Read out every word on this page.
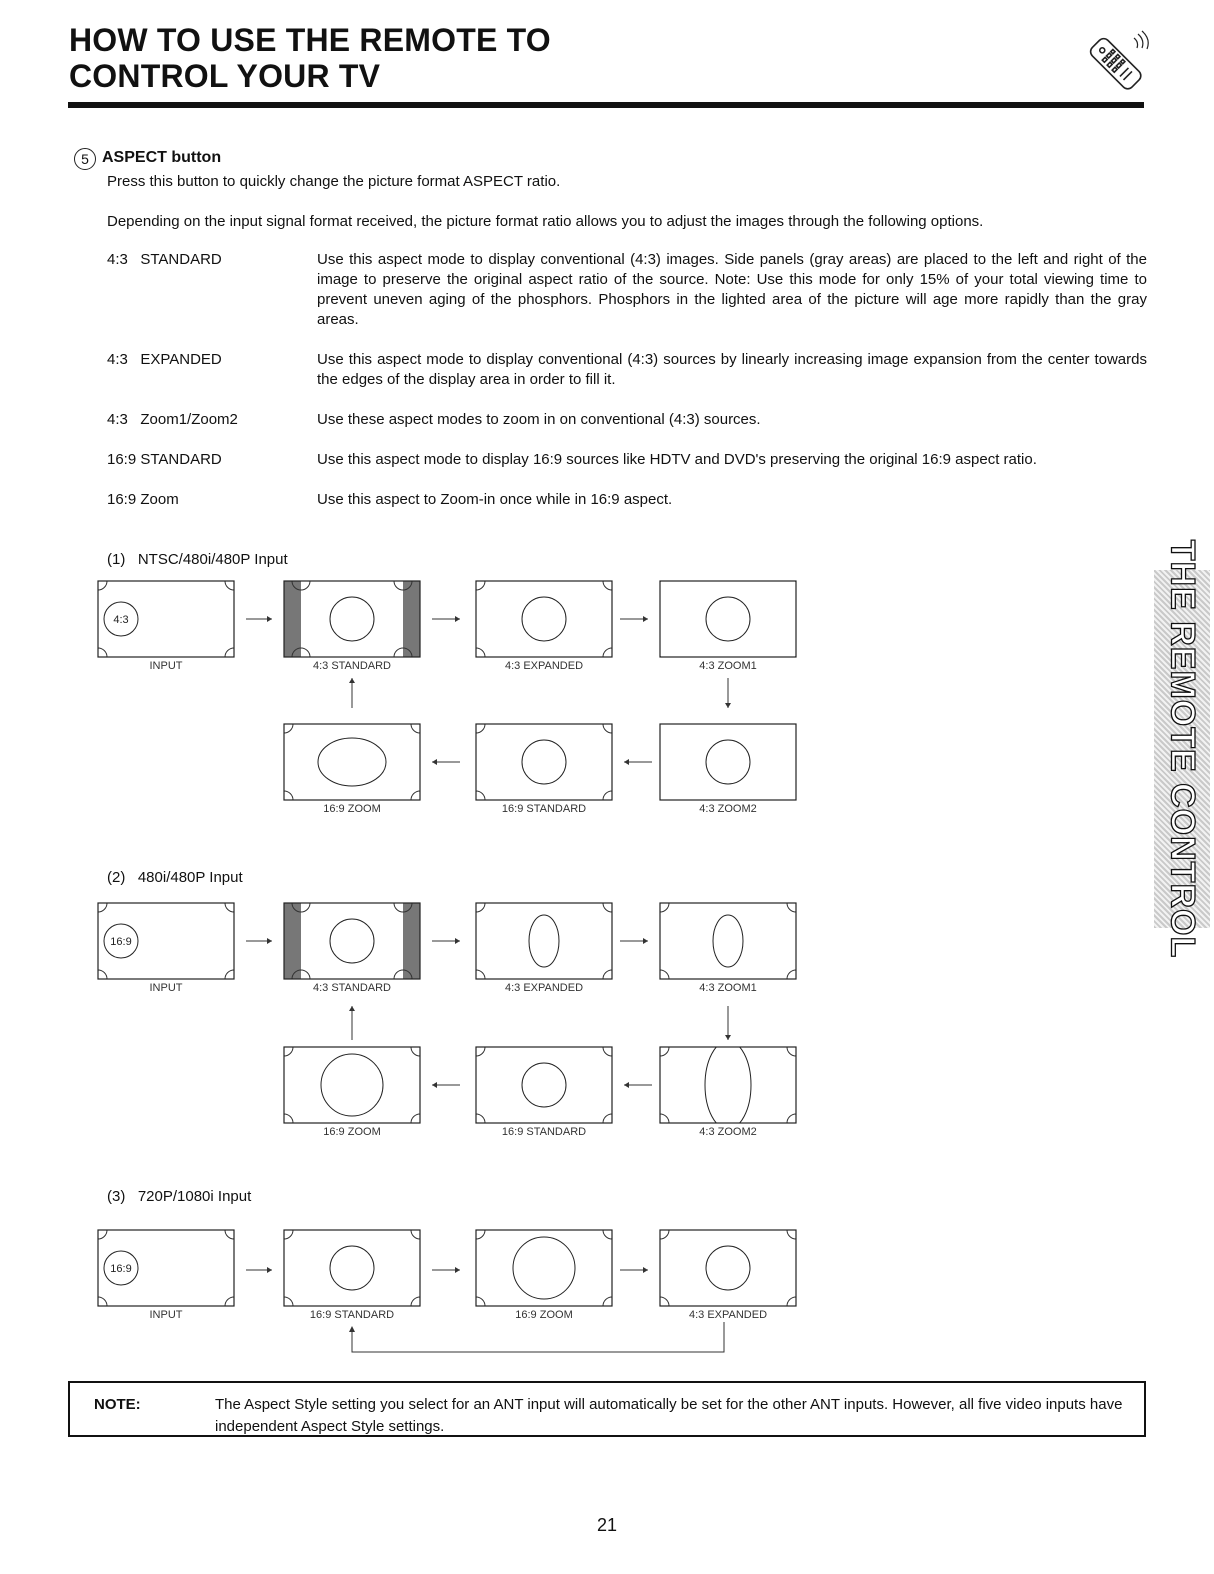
HOW TO USE THE REMOTE TO
CONTROL YOUR TV
5 ASPECT button

Press this button to quickly change the picture format ASPECT ratio.

Depending on the input signal format received, the picture format ratio allows you to adjust the images through the following options.

4:3   STANDARD	Use this aspect mode to display conventional (4:3) images. Side panels (gray areas) are placed to the left and right of the image to preserve the original aspect ratio of the source. Note: Use this mode for only 15% of your total viewing time to prevent uneven aging of the phosphors. Phosphors in the lighted area of the picture will age more rapidly than the gray areas.
4:3   EXPANDED	Use this aspect mode to display conventional (4:3) sources by linearly increasing image expansion from the center towards the edges of the display area in order to fill it.
4:3   Zoom1/Zoom2	Use these aspect modes to zoom in on conventional (4:3) sources.
16:9 STANDARD	Use this aspect mode to display 16:9 sources like HDTV and DVD's preserving the original 16:9 aspect ratio.
16:9 Zoom	Use this aspect to Zoom-in once while in 16:9 aspect.
(1)   NTSC/480i/480P Input
(2)   480i/480P Input
(3)   720P/1080i Input
4:3
INPUT	4:3 STANDARD	4:3 EXPANDED	4:3 ZOOM1
16:9 ZOOM	16:9 STANDARD	4:3 ZOOM2
16:9
INPUT	4:3 STANDARD	4:3 EXPANDED	4:3 ZOOM1
16:9 ZOOM	16:9 STANDARD	4:3 ZOOM2
16:9
INPUT	16:9 STANDARD	16:9 ZOOM	4:3 EXPANDED
THE REMOTE CONTROL
NOTE:	The Aspect Style setting you select for an ANT input will automatically be set for the other ANT inputs. However, all five video inputs have independent Aspect Style settings.
21
